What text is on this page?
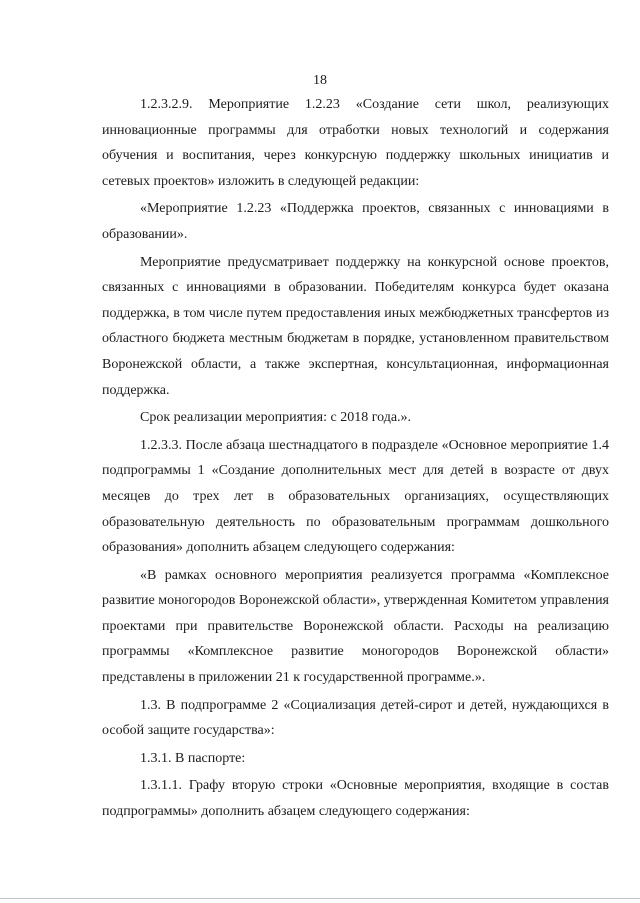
18

1.2.3.2.9. Мероприятие 1.2.23 «Создание сети школ, реализующих инновационные программы для отработки новых технологий и содержания обучения и воспитания, через конкурсную поддержку школьных инициатив и сетевых проектов» изложить в следующей редакции:

«Мероприятие 1.2.23 «Поддержка проектов, связанных с инновациями в образовании».

Мероприятие предусматривает поддержку на конкурсной основе проектов, связанных с инновациями в образовании. Победителям конкурса будет оказана поддержка, в том числе путем предоставления иных межбюджетных трансфертов из областного бюджета местным бюджетам в порядке, установленном правительством Воронежской области, а также экспертная, консультационная, информационная поддержка.

Срок реализации мероприятия: с 2018 года.».

1.2.3.3. После абзаца шестнадцатого в подразделе «Основное мероприятие 1.4 подпрограммы 1 «Создание дополнительных мест для детей в возрасте от двух месяцев до трех лет в образовательных организациях, осуществляющих образовательную деятельность по образовательным программам дошкольного образования» дополнить абзацем следующего содержания:

«В рамках основного мероприятия реализуется программа «Комплексное развитие моногородов Воронежской области», утвержденная Комитетом управления проектами при правительстве Воронежской области. Расходы на реализацию программы «Комплексное развитие моногородов Воронежской области» представлены в приложении 21 к государственной программе.».

1.3. В подпрограмме 2 «Социализация детей-сирот и детей, нуждающихся в особой защите государства»:

1.3.1. В паспорте:

1.3.1.1. Графу вторую строки «Основные мероприятия, входящие в состав подпрограммы» дополнить абзацем следующего содержания:
